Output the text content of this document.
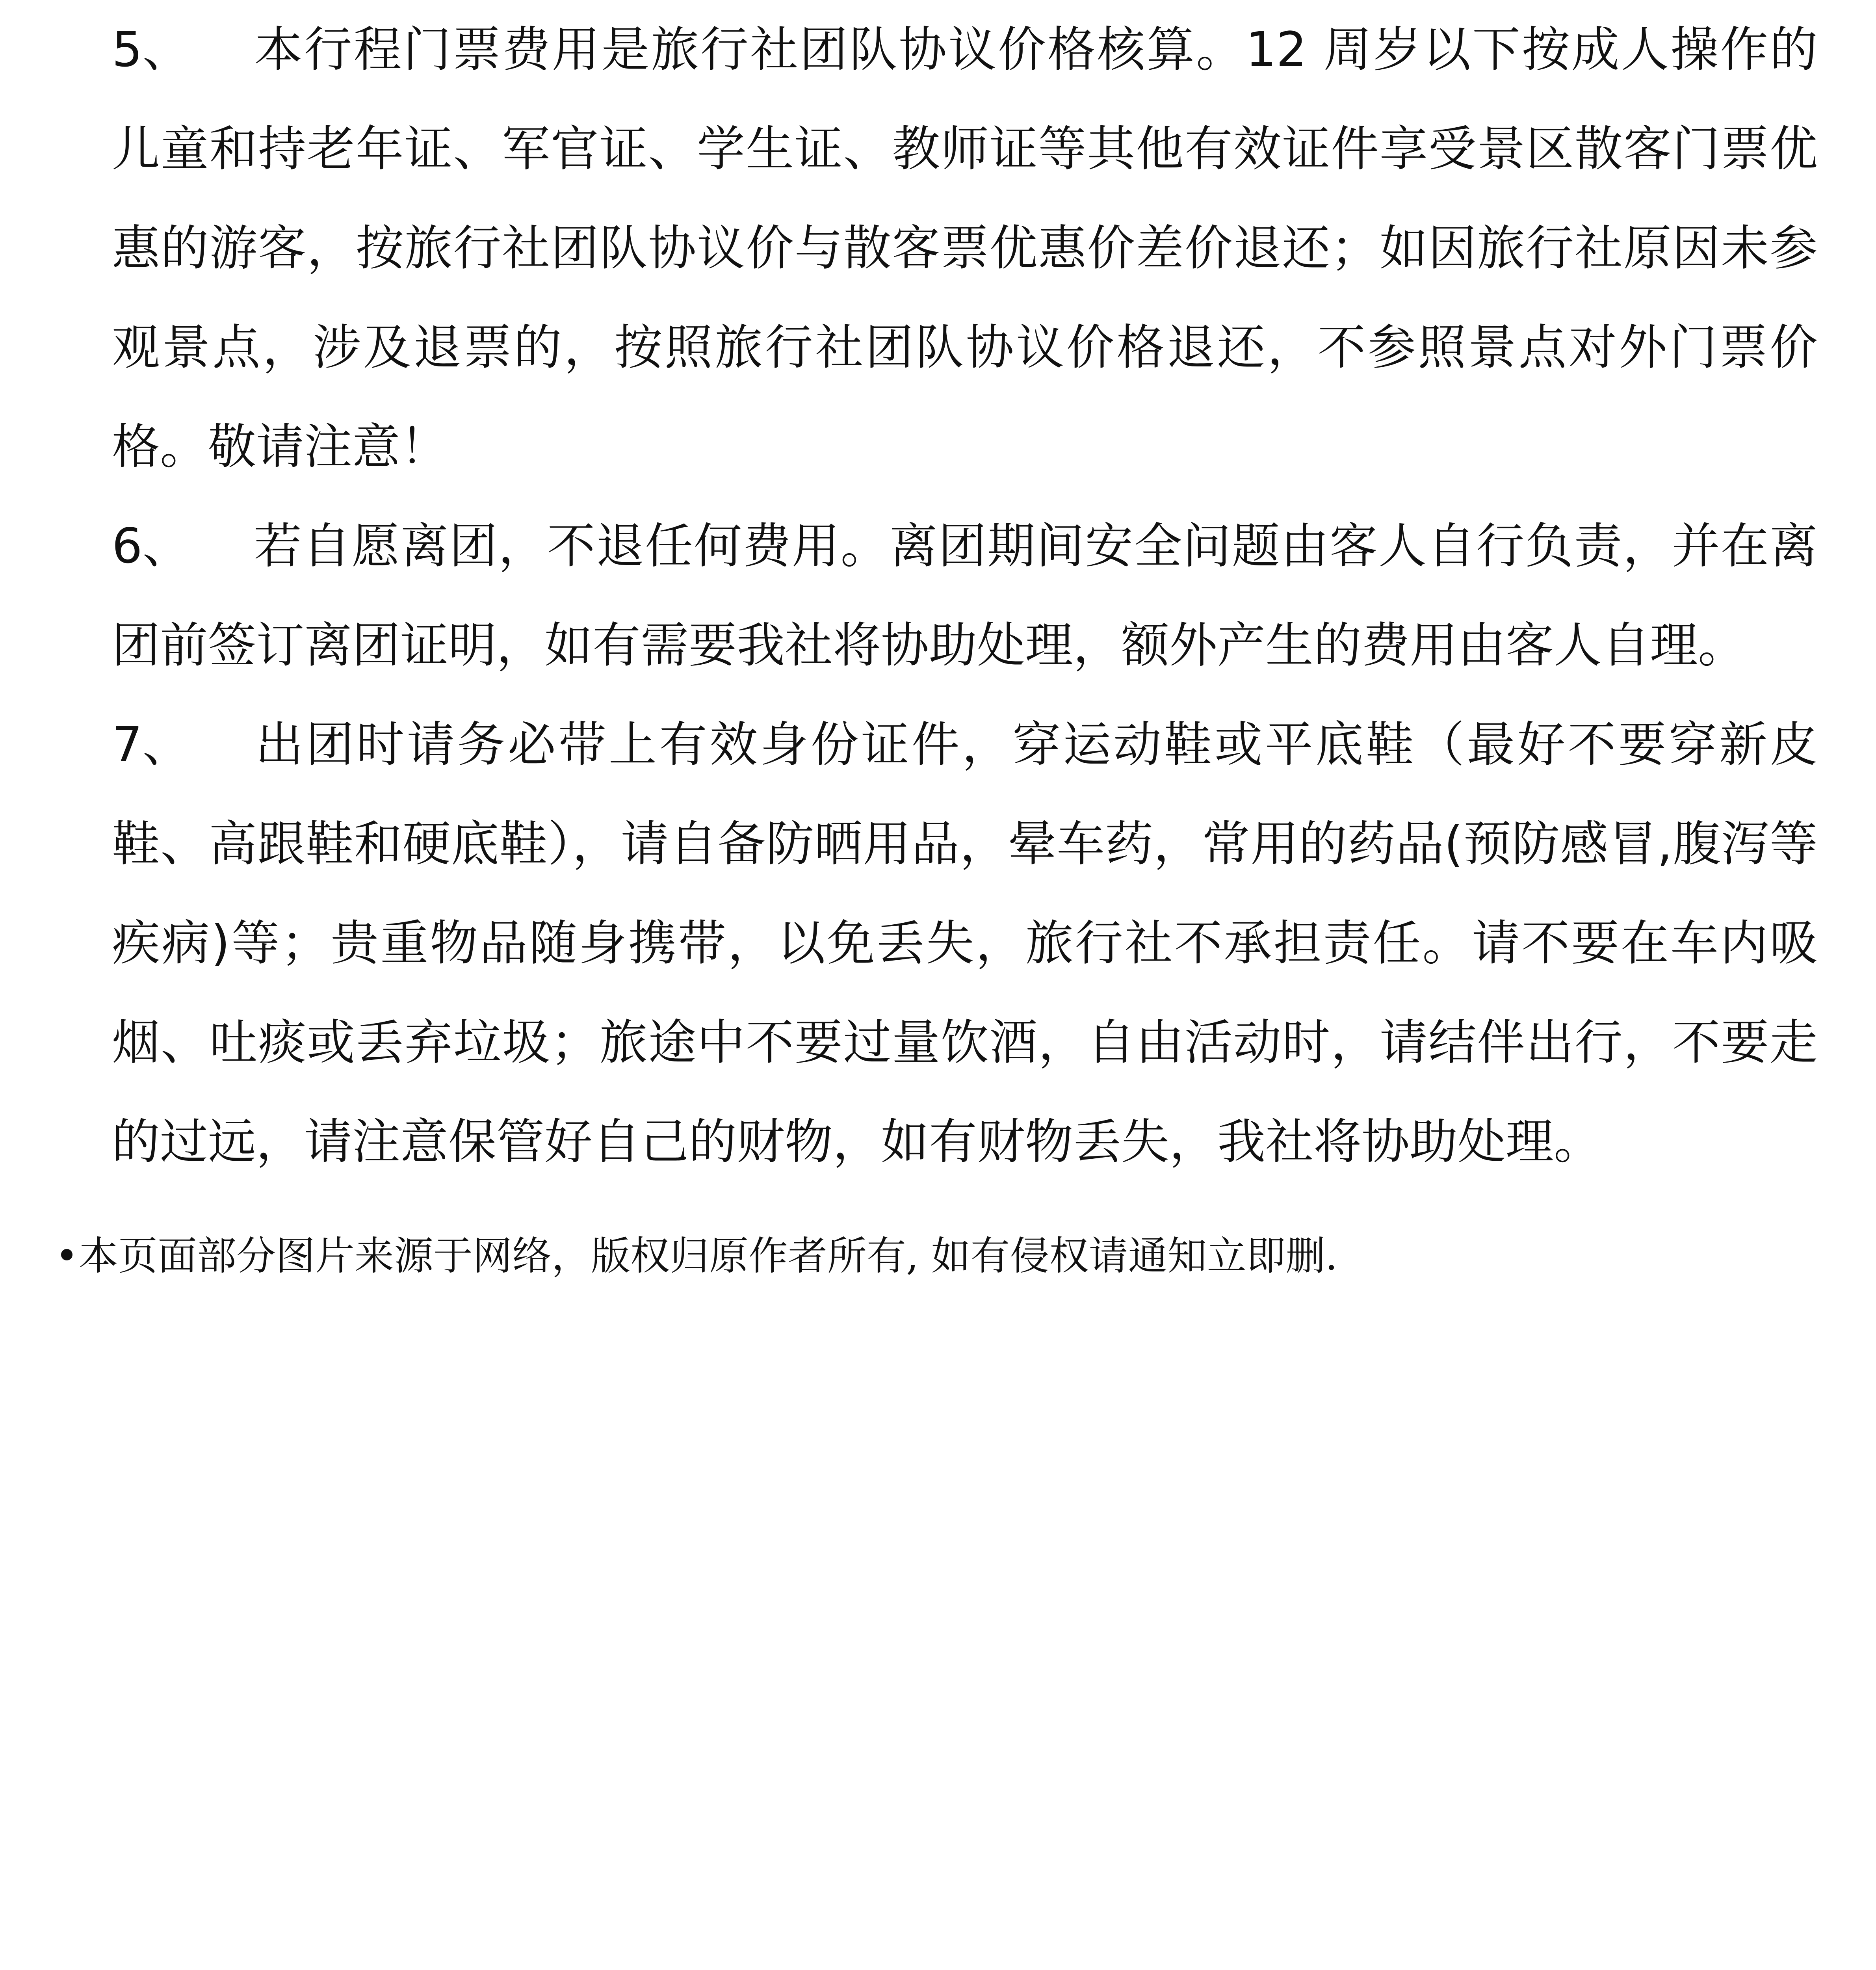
5、 本行程门票费用是旅行社团队协议价格核算。12 周岁以下按成人操作的儿童和持老年证、军官证、学生证、教师证等其他有效证件享受景区散客门票优惠的游客，按旅行社团队协议价与散客票优惠价差价退还；如因旅行社原因未参观景点，涉及退票的，按照旅行社团队协议价格退还，不参照景点对外门票价格。敬请注意！

6、 若自愿离团，不退任何费用。离团期间安全问题由客人自行负责，并在离团前签订离团证明，如有需要我社将协助处理，额外产生的费用由客人自理。

7、 出团时请务必带上有效身份证件，穿运动鞋或平底鞋（最好不要穿新皮鞋、高跟鞋和硬底鞋），请自备防晒用品，晕车药，常用的药品(预防感冒,腹泻等疾病)等；贵重物品随身携带，以免丢失，旅行社不承担责任。请不要在车内吸烟、吐痰或丢弃垃圾；旅途中不要过量饮酒，自由活动时，请结伴出行，不要走的过远，请注意保管好自己的财物，如有财物丢失，我社将协助处理。

•本页面部分图片来源于网络，版权归原作者所有, 如有侵权请通知立即删.
